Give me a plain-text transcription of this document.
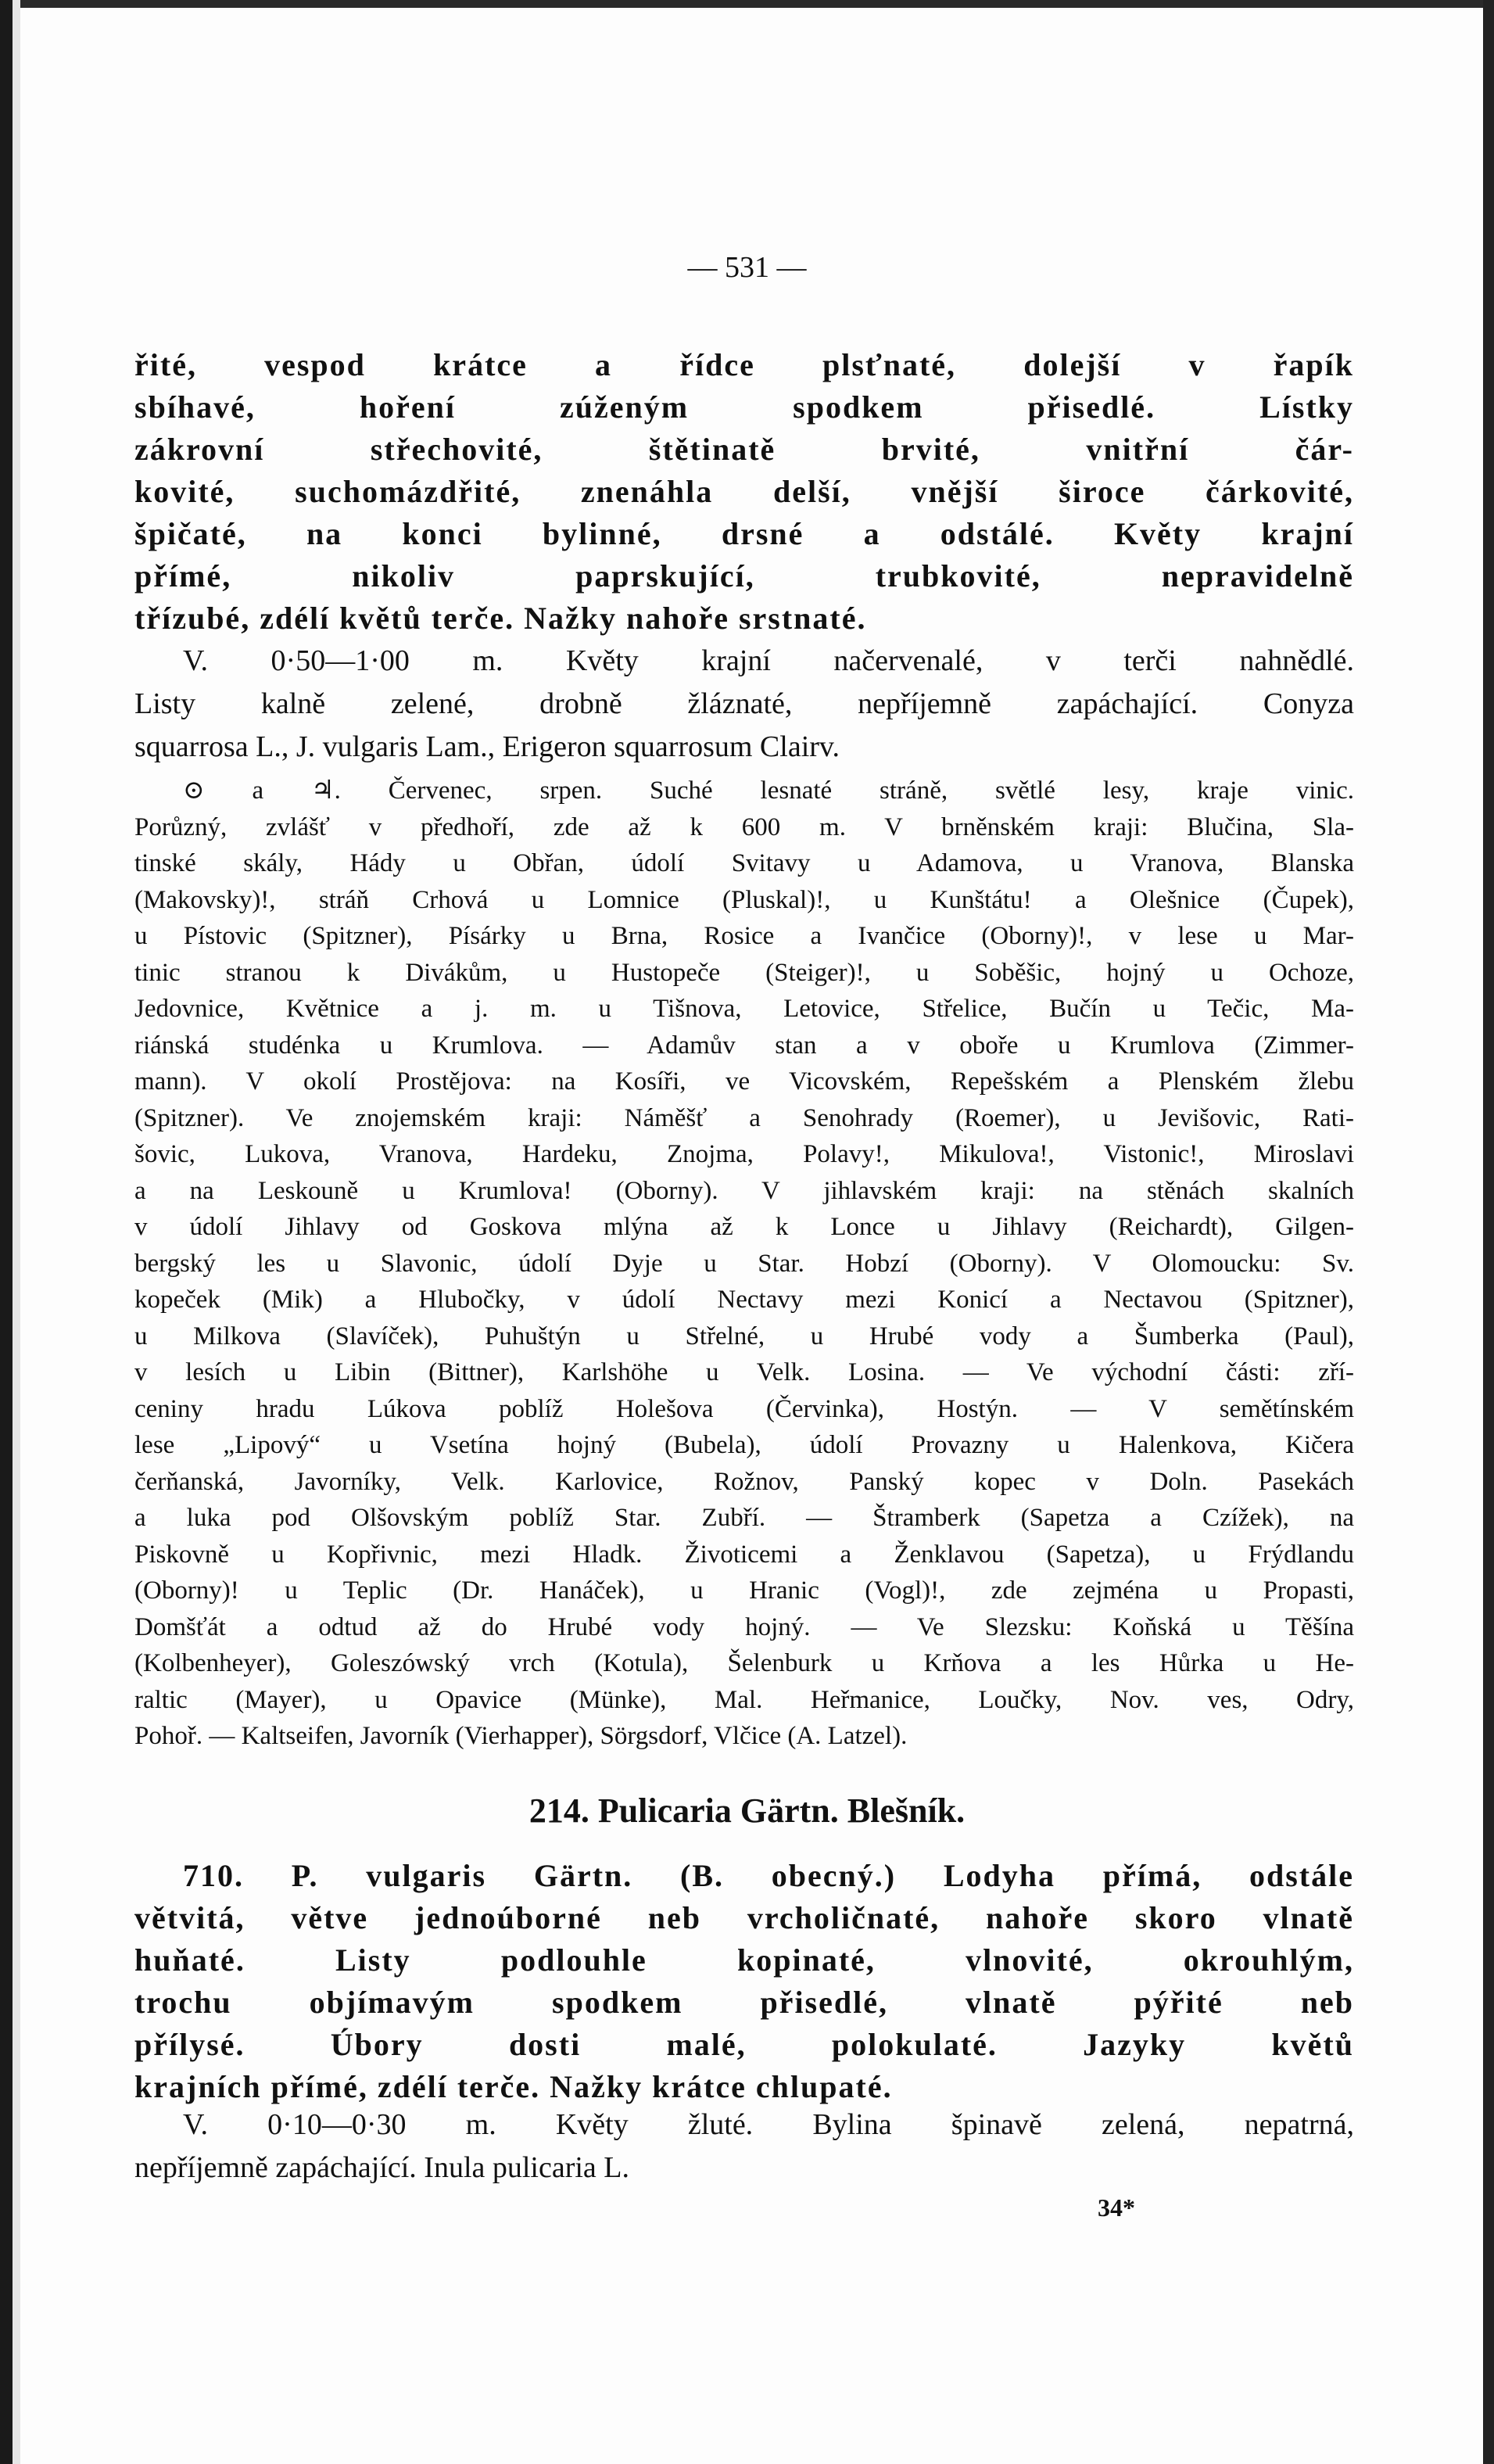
— 531 —
řité, vespod krátce a řídce plsťnaté, dolejší v řapík
sbíhavé, hoření zúženým spodkem přisedlé. Lístky
zákrovní střechovité, štětinatě brvité, vnitřní čár-
kovité, suchomázdřité, znenáhla delší, vnější široce čárkovité,
špičaté, na konci bylinné, drsné a odstálé. Květy krajní
přímé, nikoliv paprskující, trubkovité, nepravidelně
třízubé, zdélí květů terče. Nažky nahoře srstnaté.
V. 0·50—1·00 m. Květy krajní načervenalé, v terči nahnědlé.
Listy kalně zelené, drobně žláznaté, nepříjemně zapáchající. Conyza
squarrosa L., J. vulgaris Lam., Erigeron squarrosum Clairv.
⊙ a ♃. Červenec, srpen. Suché lesnaté stráně, světlé lesy, kraje vinic.
Porůzný, zvlášť v předhoří, zde až k 600 m. V brněnském kraji: Blučina, Sla-
tinské skály, Hády u Obřan, údolí Svitavy u Adamova, u Vranova, Blanska
(Makovsky)!, stráň Crhová u Lomnice (Pluskal)!, u Kunštátu! a Olešnice (Čupek),
u Pístovic (Spitzner), Písárky u Brna, Rosice a Ivančice (Oborny)!, v lese u Mar-
tinic stranou k Divákům, u Hustopeče (Steiger)!, u Soběšic, hojný u Ochoze,
Jedovnice, Květnice a j. m. u Tišnova, Letovice, Střelice, Bučín u Tečic, Ma-
riánská studénka u Krumlova. — Adamův stan a v oboře u Krumlova (Zimmer-
mann). V okolí Prostějova: na Kosíři, ve Vicovském, Repešském a Plenském žlebu
(Spitzner). Ve znojemském kraji: Náměšť a Senohrady (Roemer), u Jevišovic, Rati-
šovic, Lukova, Vranova, Hardeku, Znojma, Polavy!, Mikulova!, Vistonic!, Miroslavi
a na Leskouně u Krumlova! (Oborny). V jihlavském kraji: na stěnách skalních
v údolí Jihlavy od Goskova mlýna až k Lonce u Jihlavy (Reichardt), Gilgen-
bergský les u Slavonic, údolí Dyje u Star. Hobzí (Oborny). V Olomoucku: Sv.
kopeček (Mik) a Hlubočky, v údolí Nectavy mezi Konicí a Nectavou (Spitzner),
u Milkova (Slavíček), Puhuštýn u Střelné, u Hrubé vody a Šumberka (Paul),
v lesích u Libin (Bittner), Karlshöhe u Velk. Losina. — Ve východní části: zří-
ceniny hradu Lúkova poblíž Holešova (Červinka), Hostýn. — V semětínském
lese „Lipový“ u Vsetína hojný (Bubela), údolí Provazny u Halenkova, Kičera
čerňanská, Javorníky, Velk. Karlovice, Rožnov, Panský kopec v Doln. Pasekách
a luka pod Olšovským poblíž Star. Zubří. — Štramberk (Sapetza a Czížek), na
Piskovně u Kopřivnic, mezi Hladk. Životicemi a Ženklavou (Sapetza), u Frýdlandu
(Oborny)! u Teplic (Dr. Hanáček), u Hranic (Vogl)!, zde zejména u Propasti,
Domšťát a odtud až do Hrubé vody hojný. — Ve Slezsku: Koňská u Těšína
(Kolbenheyer), Goleszówský vrch (Kotula), Šelenburk u Krňova a les Hůrka u He-
raltic (Mayer), u Opavice (Münke), Mal. Heřmanice, Loučky, Nov. ves, Odry,
Pohoř. — Kaltseifen, Javorník (Vierhapper), Sörgsdorf, Vlčice (A. Latzel).
214. Pulicaria Gärtn. Blešník.
710. P. vulgaris Gärtn. (B. obecný.) Lodyha přímá, odstále
větvitá, větve jednoúborné neb vrcholičnaté, nahoře skoro vlnatě
huňaté. Listy podlouhle kopinaté, vlnovité, okrouhlým,
trochu objímavým spodkem přisedlé, vlnatě pýřité neb
přílysé. Úbory dosti malé, polokulaté. Jazyky květů
krajních přímé, zdélí terče. Nažky krátce chlupaté.
V. 0·10—0·30 m. Květy žluté. Bylina špinavě zelená, nepatrná,
nepříjemně zapáchající. Inula pulicaria L.
34*
